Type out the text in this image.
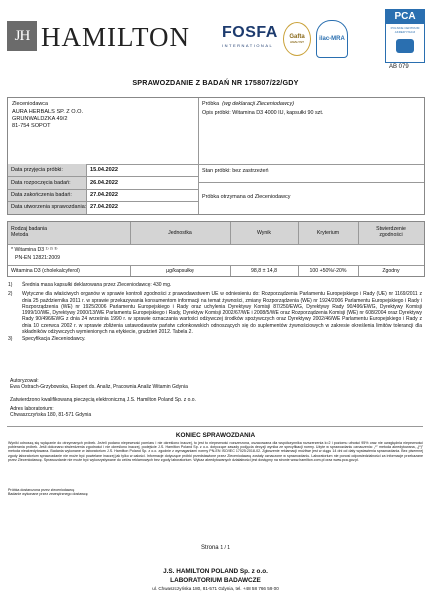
JH HAMILTON FOSFA
INTERNATIONAL
Gafta
ANALYST	ilac-MRA
PCA
POLSKIE CENTRUM AKREDYTACJI
AB 079
SPRAWOZDANIE Z BADAŃ NR 175807/22/GDY
Zleceniodawca
AURA HERBALS SP. Z O.O.
GRUNWALDZKA 49/2
81-754 SOPOT
Próbka (wg deklaracji Zleceniodawcy)
Opis próbki: Witamina D3 4000 IU, kapsułki 90 szt.
Data przyjęcia próbki:	15.04.2022
Data rozpoczęcia badań:	26.04.2022
Data zakończenia badań:	27.04.2022
Data utworzenia sprawozdania: 27.04.2022
Stan próbki: bez zastrzeżeń
Próbka otrzymana od Zleceniodawcy
Rodzaj badania
Metoda	Jednostka	Wynik	Kryterium
Stwierdzenie
zgodności
* Witamina D3 ¹⁾ ²⁾ ³⁾
PN-EN 12821:2009
Witamina D3 (cholekalcyferol)	µg/kapsułkę	98,8 ± 14,8	100 +50%/-20%	Zgodny
1)	Średnia masa kapsułki deklarowana przez Zleceniodawcę: 430 mg.
2)	Wytyczne dla właściwych organów w sprawie kontroli zgodności z prawodawstwem UE w odniesieniu do: Rozporządzenia Parlamentu Europejskiego i Rady (UE) nr 1169/2011 z dnia 25 października 2011 r. w sprawie przekazywania konsumentom informacji na temat żywności, zmiany Rozporządzenia (WE) nr 1924/2006 Parlamentu Europejskiego i Rady i Rozporządzenia (WE) nr 1925/2006 Parlamentu Europejskiego i Rady oraz uchylenia Dyrektywy Komisji 87/250/EWG, Dyrektywy Rady 90/496/EWG, Dyrektywy Komisji 1999/10/WE, Dyrektywy 2000/13/WE Parlamentu Europejskiego i Rady, Dyrektyw Komisji 2002/67/WE i 2008/5/WE oraz Rozporządzenia Komisji (WE) nr 608/2004 oraz Dyrektywy Rady 90/496/EWG z dnia 24 września 1990 r. w sprawie oznaczania wartości odżywczej środków spożywczych oraz Dyrektywy 2002/46/WE Parlamentu Europejskiego i Rady z dnia 10 czerwca 2002 r. w sprawie zbliżenia ustawodawstw państw członkowskich odnoszących się do suplementów żywnościowych w zakresie określenia limitów tolerancji dla składników odżywczych wymienionych na etykiecie, grudzień 2012. Tabela 2.
3)	Specyfikacja Zleceniodawcy.
Autoryzował:
Ewa Ostrach-Grzybowska, Ekspert ds. Analiz, Pracownia Analiz Witamin Gdynia
Zatwierdzono kwalifikowaną pieczęcią elektroniczną J.S. Hamilton Poland Sp. z o.o.
Adres laboratorium:
Chwaszczyńska 180, 81-571 Gdynia
KONIEC SPRAWOZDANIA
Wyniki odnoszą się wyłącznie do otrzymanych próbek. Jeżeli podano niepewność pomiaru i nie określono inaczej, to jest to niepewność rozszerzona, oszacowana dla współczynnika rozszerzenia k=2 i poziomu ufności 95% oraz nie uwzględnia niepewności pobierania próbek. Jeśli dokonano stwierdzenia zgodności i nie określono inaczej, podejście J.S. Hamilton Poland Sp. z o.o. dotyczące zasady podjęcia decyzji wynika ze specyfikacji normy. Użyte w sprawozdaniu oznaczenia: „*” metoda akredytowana, „(*)” metoda nieakredytowana. Badania wykonane w laboratorium J.S. Hamilton Poland Sp. z o.o. zgodnie z wymaganiami normy PN-EN ISO/IEC 17025:2018-02. Zgłoszenie reklamacji możliwe jest w ciągu 14 dni od daty wystawienia sprawozdania. Bez pisemnej zgody laboratorium sprawozdanie nie może być powielane inaczej jak tylko w całości. Informacje dotyczące próbki przedstawione przez Zleceniodawcę zostały oznaczone w sprawozdaniu. Laboratorium nie ponosi odpowiedzialności za informacje przekazane przez Zleceniodawcę. Sprawozdanie nie może być wykorzystywane do celów reklamowych bez zgody laboratorium. Wykaz akredytowanych działalności jest dostępny na stronie www.hamilton.com.pl oraz www.pca.gov.pl.
Próbka dostarczona przez zleceniodawcę
Badanie wykonane przez zewnętrznego dostawcę
Strona 1 / 1
J.S. HAMILTON POLAND Sp. z o.o.
LABORATORIUM BADAWCZE
ul. Chwaszczyńska 180, 81-571 Gdynia, tel. +48 58 766 59 00
